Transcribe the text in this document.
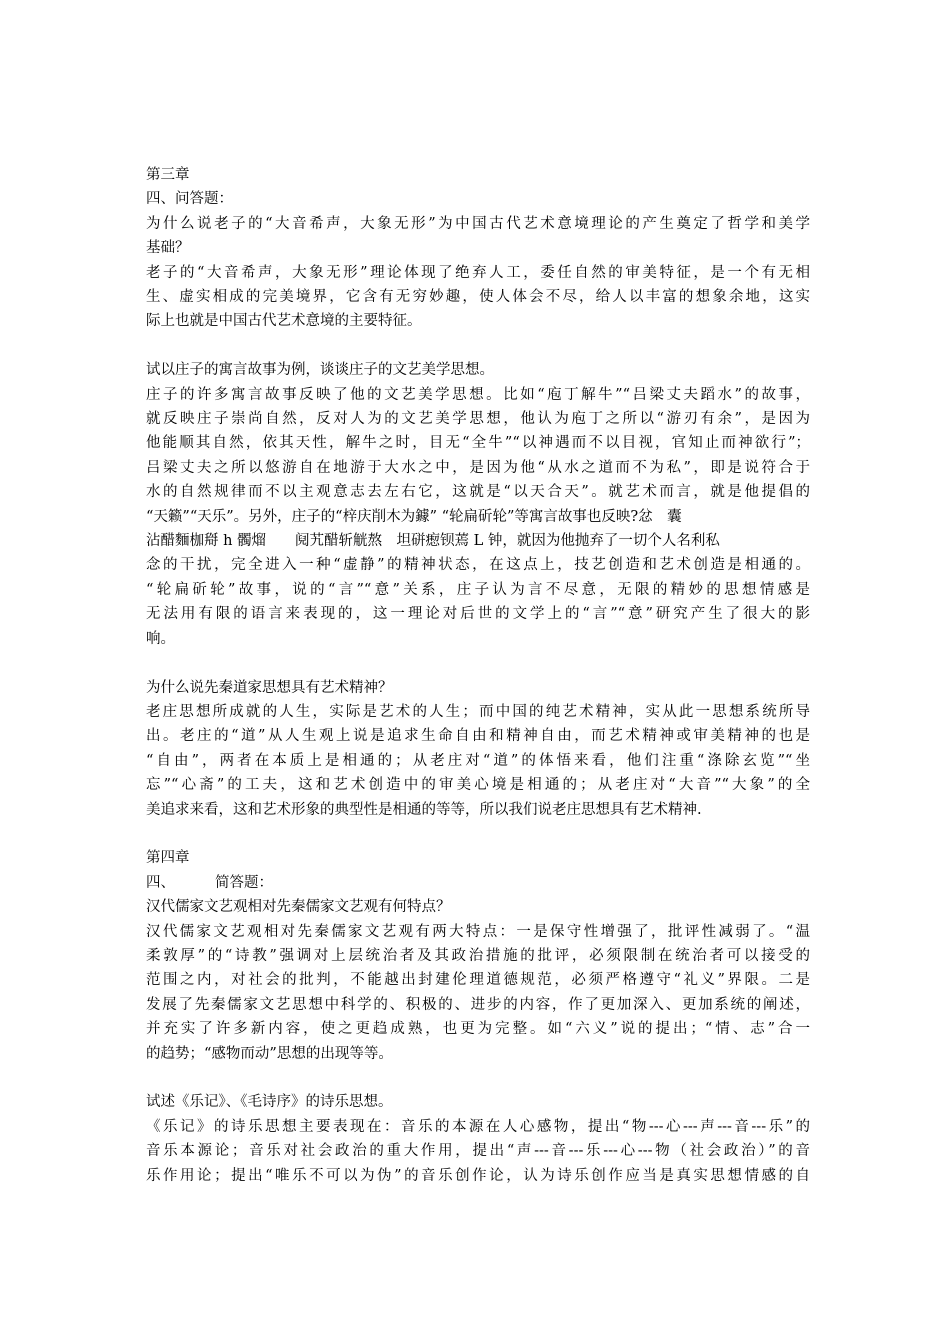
第三章
四、问答题：
为什么说老子的“大音希声，大象无形”为中国古代艺术意境理论的产生奠定了哲学和美学
基础？
老子的“大音希声，大象无形”理论体现了绝弃人工，委任自然的审美特征，是一个有无相
生、虚实相成的完美境界，它含有无穷妙趣，使人体会不尽，给人以丰富的想象余地，这实
际上也就是中国古代艺术意境的主要特征。
试以庄子的寓言故事为例，谈谈庄子的文艺美学思想。
庄子的许多寓言故事反映了他的文艺美学思想。比如“庖丁解牛”“吕梁丈夫蹈水”的故事，
就反映庄子崇尚自然，反对人为的文艺美学思想，他认为庖丁之所以“游刃有余”，是因为
他能顺其自然，依其天性，解牛之时，目无“全牛”“以神遇而不以目视，官知止而神欲行”；
吕梁丈夫之所以悠游自在地游于大水之中，是因为他“从水之道而不为私”，即是说符合于
水的自然规律而不以主观意志去左右它，这就是“以天合天”。就艺术而言，就是他提倡的
“天籁”“天乐”。另外，庄子的“梓庆削木为鐻” “轮扁斫轮”等寓言故事也反映?忿　囊
沾醋麵枷搿 h 髑熘　　阋艽醋斩觥熬　坦硑瘛钡蔫 L 钟，就因为他抛弃了一切个人名利私
念的干扰，完全进入一种“虚静”的精神状态，在这点上，技艺创造和艺术创造是相通的。
“轮扁斫轮”故事，说的“言”“意”关系，庄子认为言不尽意，无限的精妙的思想情感是
无法用有限的语言来表现的，这一理论对后世的文学上的“言”“意”研究产生了很大的影
响。
为什么说先秦道家思想具有艺术精神？
老庄思想所成就的人生，实际是艺术的人生；而中国的纯艺术精神，实从此一思想系统所导
出。老庄的“道”从人生观上说是追求生命自由和精神自由，而艺术精神或审美精神的也是
“自由”，两者在本质上是相通的；从老庄对“道”的体悟来看，他们注重“涤除玄览”“坐
忘”“心斋”的工夫，这和艺术创造中的审美心境是相通的；从老庄对“大音”“大象”的全
美追求来看，这和艺术形象的典型性是相通的等等，所以我们说老庄思想具有艺术精神.
第四章
四、	简答题：
汉代儒家文艺观相对先秦儒家文艺观有何特点？
汉代儒家文艺观相对先秦儒家文艺观有两大特点：一是保守性增强了，批评性减弱了。“温
柔敦厚”的“诗教”强调对上层统治者及其政治措施的批评，必须限制在统治者可以接受的
范围之内，对社会的批判，不能越出封建伦理道德规范，必须严格遵守“礼义”界限。二是
发展了先秦儒家文艺思想中科学的、积极的、进步的内容，作了更加深入、更加系统的阐述，
并充实了许多新内容，使之更趋成熟，也更为完整。如“六义”说的提出；“情、志”合一
的趋势；“感物而动”思想的出现等等。
试述《乐记》、《毛诗序》的诗乐思想。
《乐记》的诗乐思想主要表现在：音乐的本源在人心感物，提出“物---心---声---音---乐”的
音乐本源论；音乐对社会政治的重大作用，提出“声---音---乐---心---物（社会政治）”的音
乐作用论；提出“唯乐不可以为伪”的音乐创作论，认为诗乐创作应当是真实思想情感的自
